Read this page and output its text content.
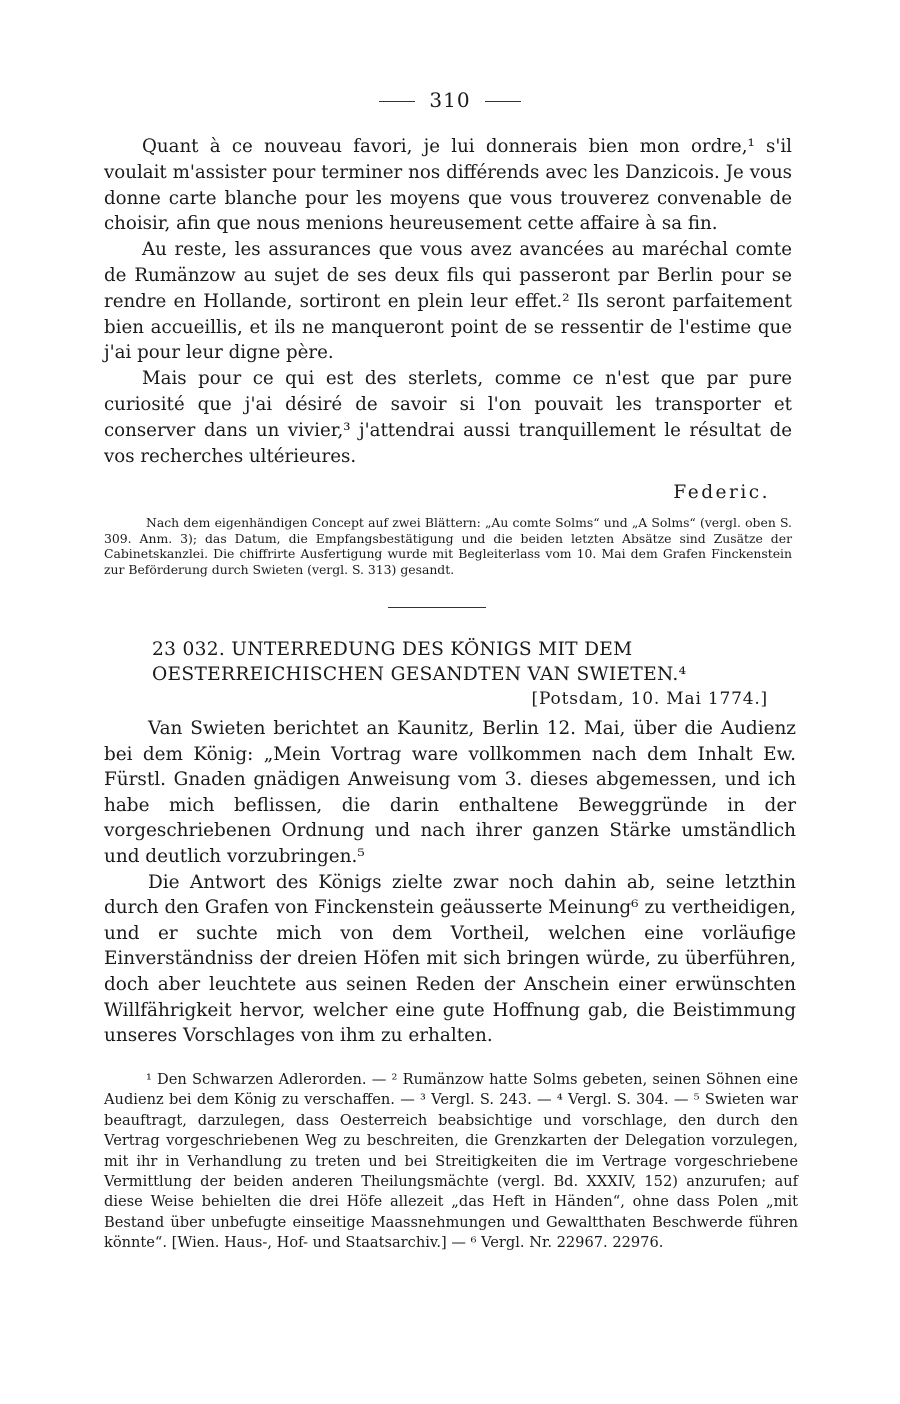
310

Quant à ce nouveau favori, je lui donnerais bien mon ordre,¹ s'il voulait m'assister pour terminer nos différends avec les Danzicois. Je vous donne carte blanche pour les moyens que vous trouverez convenable de choisir, afin que nous menions heureusement cette affaire à sa fin.

Au reste, les assurances que vous avez avancées au maréchal comte de Rumänzow au sujet de ses deux fils qui passeront par Berlin pour se rendre en Hollande, sortiront en plein leur effet.² Ils seront parfaitement bien accueillis, et ils ne manqueront point de se ressentir de l'estime que j'ai pour leur digne père.

Mais pour ce qui est des sterlets, comme ce n'est que par pure curiosité que j'ai désiré de savoir si l'on pouvait les transporter et conserver dans un vivier,³ j'attendrai aussi tranquillement le résultat de vos recherches ultérieures.

Federic.
Nach dem eigenhändigen Concept auf zwei Blättern: „Au comte Solms“ und „A Solms“ (vergl. oben S. 309. Anm. 3); das Datum, die Empfangsbestätigung und die beiden letzten Absätze sind Zusätze der Cabinetskanzlei. Die chiffrirte Ausfertigung wurde mit Begleiterlass vom 10. Mai dem Grafen Finckenstein zur Beförderung durch Swieten (vergl. S. 313) gesandt.
23 032. UNTERREDUNG DES KÖNIGS MIT DEM
OESTERREICHISCHEN GESANDTEN VAN SWIETEN.⁴
[Potsdam, 10. Mai 1774.]

Van Swieten berichtet an Kaunitz, Berlin 12. Mai, über die Audienz bei dem König: „Mein Vortrag ware vollkommen nach dem Inhalt Ew. Fürstl. Gnaden gnädigen Anweisung vom 3. dieses abgemessen, und ich habe mich beflissen, die darin enthaltene Beweggründe in der vorgeschriebenen Ordnung und nach ihrer ganzen Stärke umständlich und deutlich vorzubringen.⁵

Die Antwort des Königs zielte zwar noch dahin ab, seine letzthin durch den Grafen von Finckenstein geäusserte Meinung⁶ zu vertheidigen, und er suchte mich von dem Vortheil, welchen eine vorläufige Einverständniss der dreien Höfen mit sich bringen würde, zu überführen, doch aber leuchtete aus seinen Reden der Anschein einer erwünschten Willfährigkeit hervor, welcher eine gute Hoffnung gab, die Beistimmung unseres Vorschlages von ihm zu erhalten.

¹ Den Schwarzen Adlerorden. — ² Rumänzow hatte Solms gebeten, seinen Söhnen eine Audienz bei dem König zu verschaffen. — ³ Vergl. S. 243. — ⁴ Vergl. S. 304. — ⁵ Swieten war beauftragt, darzulegen, dass Oesterreich beabsichtige und vorschlage, den durch den Vertrag vorgeschriebenen Weg zu beschreiten, die Grenzkarten der Delegation vorzulegen, mit ihr in Verhandlung zu treten und bei Streitigkeiten die im Vertrage vorgeschriebene Vermittlung der beiden anderen Theilungsmächte (vergl. Bd. XXXIV, 152) anzurufen; auf diese Weise behielten die drei Höfe allezeit „das Heft in Händen“, ohne dass Polen „mit Bestand über unbefugte einseitige Maassnehmungen und Gewaltthaten Beschwerde führen könnte“. [Wien. Haus-, Hof- und Staatsarchiv.] — ⁶ Vergl. Nr. 22967. 22976.
